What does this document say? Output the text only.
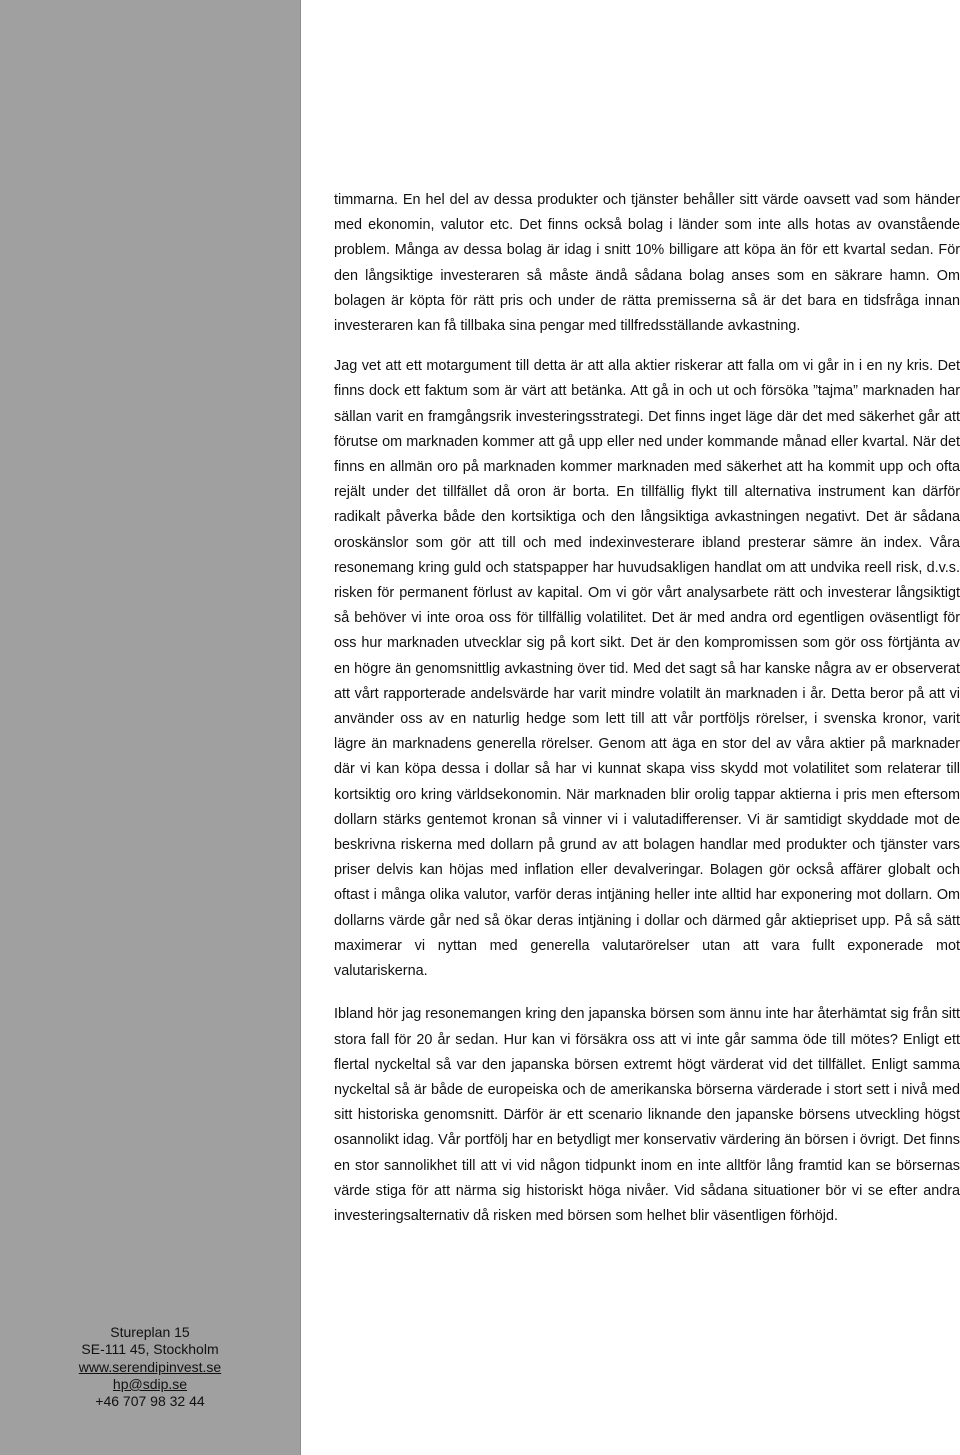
Stureplan 15
SE-111 45, Stockholm
www.serendipinvest.se
hp@sdip.se
+46 707 98 32 44

timmarna. En hel del av dessa produkter och tjänster behåller sitt värde oavsett vad som händer med ekonomin, valutor etc. Det finns också bolag i länder som inte alls hotas av ovanstående problem. Många av dessa bolag är idag i snitt 10% billigare att köpa än för ett kvartal sedan. För den långsiktige investeraren så måste ändå sådana bolag anses som en säkrare hamn. Om bolagen är köpta för rätt pris och under de rätta premisserna så är det bara en tidsfråga innan investeraren kan få tillbaka sina pengar med tillfredsställande avkastning.

Jag vet att ett motargument till detta är att alla aktier riskerar att falla om vi går in i en ny kris. Det finns dock ett faktum som är värt att betänka. Att gå in och ut och försöka ”tajma” marknaden har sällan varit en framgångsrik investeringsstrategi. Det finns inget läge där det med säkerhet går att förutse om marknaden kommer att gå upp eller ned under kommande månad eller kvartal. När det finns en allmän oro på marknaden kommer marknaden med säkerhet att ha kommit upp och ofta rejält under det tillfället då oron är borta. En tillfällig flykt till alternativa instrument kan därför radikalt påverka både den kortsiktiga och den långsiktiga avkastningen negativt. Det är sådana oroskänslor som gör att till och med indexinvesterare ibland presterar sämre än index. Våra resonemang kring guld och statspapper har huvudsakligen handlat om att undvika reell risk, d.v.s. risken för permanent förlust av kapital. Om vi gör vårt analysarbete rätt och investerar långsiktigt så behöver vi inte oroa oss för tillfällig volatilitet. Det är med andra ord egentligen oväsentligt för oss hur marknaden utvecklar sig på kort sikt. Det är den kompromissen som gör oss förtjänta av en högre än genomsnittlig avkastning över tid. Med det sagt så har kanske några av er observerat att vårt rapporterade andelsvärde har varit mindre volatilt än marknaden i år. Detta beror på att vi använder oss av en naturlig hedge som lett till att vår portföljs rörelser, i svenska kronor, varit lägre än marknadens generella rörelser. Genom att äga en stor del av våra aktier på marknader där vi kan köpa dessa i dollar så har vi kunnat skapa viss skydd mot volatilitet som relaterar till kortsiktig oro kring världsekonomin. När marknaden blir orolig tappar aktierna i pris men eftersom dollarn stärks gentemot kronan så vinner vi i valutadifferenser. Vi är samtidigt skyddade mot de beskrivna riskerna med dollarn på grund av att bolagen handlar med produkter och tjänster vars priser delvis kan höjas med inflation eller devalveringar. Bolagen gör också affärer globalt och oftast i många olika valutor, varför deras intjäning heller inte alltid har exponering mot dollarn. Om dollarns värde går ned så ökar deras intjäning i dollar och därmed går aktiepriset upp. På så sätt maximerar vi nyttan med generella valutarörelser utan att vara fullt exponerade mot valutariskerna.

Ibland hör jag resonemangen kring den japanska börsen som ännu inte har återhämtat sig från sitt stora fall för 20 år sedan. Hur kan vi försäkra oss att vi inte går samma öde till mötes? Enligt ett flertal nyckeltal så var den japanska börsen extremt högt värderat vid det tillfället. Enligt samma nyckeltal så är både de europeiska och de amerikanska börserna värderade i stort sett i nivå med sitt historiska genomsnitt. Därför är ett scenario liknande den japanske börsens utveckling högst osannolikt idag. Vår portfölj har en betydligt mer konservativ värdering än börsen i övrigt. Det finns en stor sannolikhet till att vi vid någon tidpunkt inom en inte alltför lång framtid kan se börsernas värde stiga för att närma sig historiskt höga nivåer. Vid sådana situationer bör vi se efter andra investeringsalternativ då risken med börsen som helhet blir väsentligen förhöjd.
